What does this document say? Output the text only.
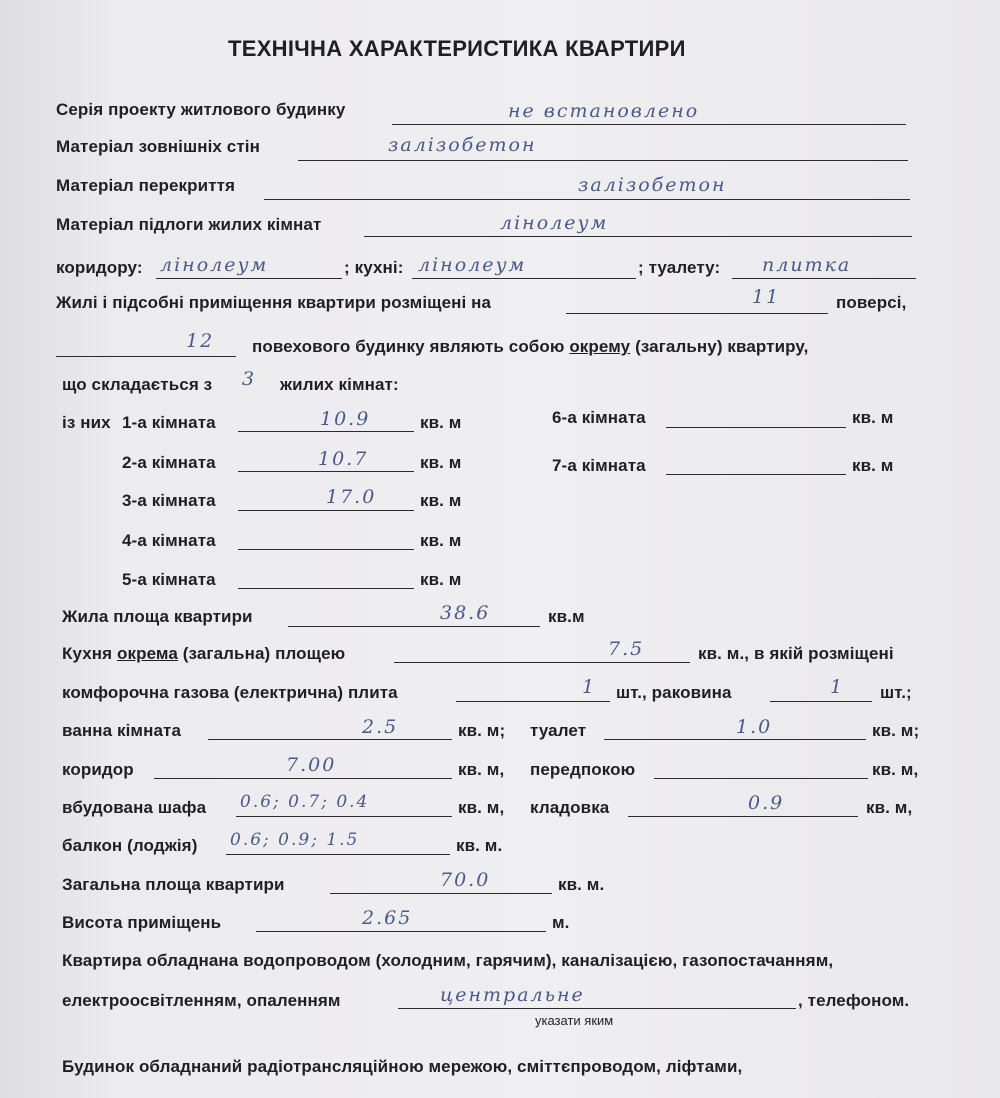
ТЕХНІЧНА ХАРАКТЕРИСТИКА КВАРТИРИ
Серія проекту житлового будинку	не встановлено
Матеріал зовнішніх стін	залізобетон
Матеріал перекриття	залізобетон
Матеріал підлоги жилих кімнат	лінолеум
коридору: лінолеум	; кухні: лінолеум	; туалету: плитка
Жилі і підсобні приміщення квартири розміщені на	11	поверсі,
12 повехового будинку являють собою окрему (загальну) квартиру,
що складається з 3 жилих кімнат:
із них 1-а кімната	10.9	кв. м
2-а кімната	10.7	кв. м
3-а кімната	17.0	кв. м
4-а кімната	кв. м
5-а кімната	кв. м
6-а кімната	кв. м
7-а кімната	кв. м
Жила площа квартири	38.6	кв.м
Кухня окрема (загальна) площею	7.5	кв. м., в якій розміщені
комфорочна газова (електрична) плита	1 шт., раковина	1 шт.;
ванна кімната	2.5	кв. м; туалет	1.0	кв. м;
коридор	7.00	кв. м, передпокою	кв. м,
вбудована шафа 0.6; 0.7; 0.4	кв. м, кладовка	0.9	кв. м,
балкон (лоджія) 0.6; 0.9; 1.5	кв. м.
Загальна площа квартири	70.0	кв. м.
Висота приміщень	2.65	м.
Квартира обладнана водопроводом (холодним, гарячим), каналізацією, газопостачанням,
електроосвітленням, опаленням	центральне	, телефоном.
указати яким
Будинок обладнаний радіотрансляційною мережою, сміттєпроводом, ліфтами,
